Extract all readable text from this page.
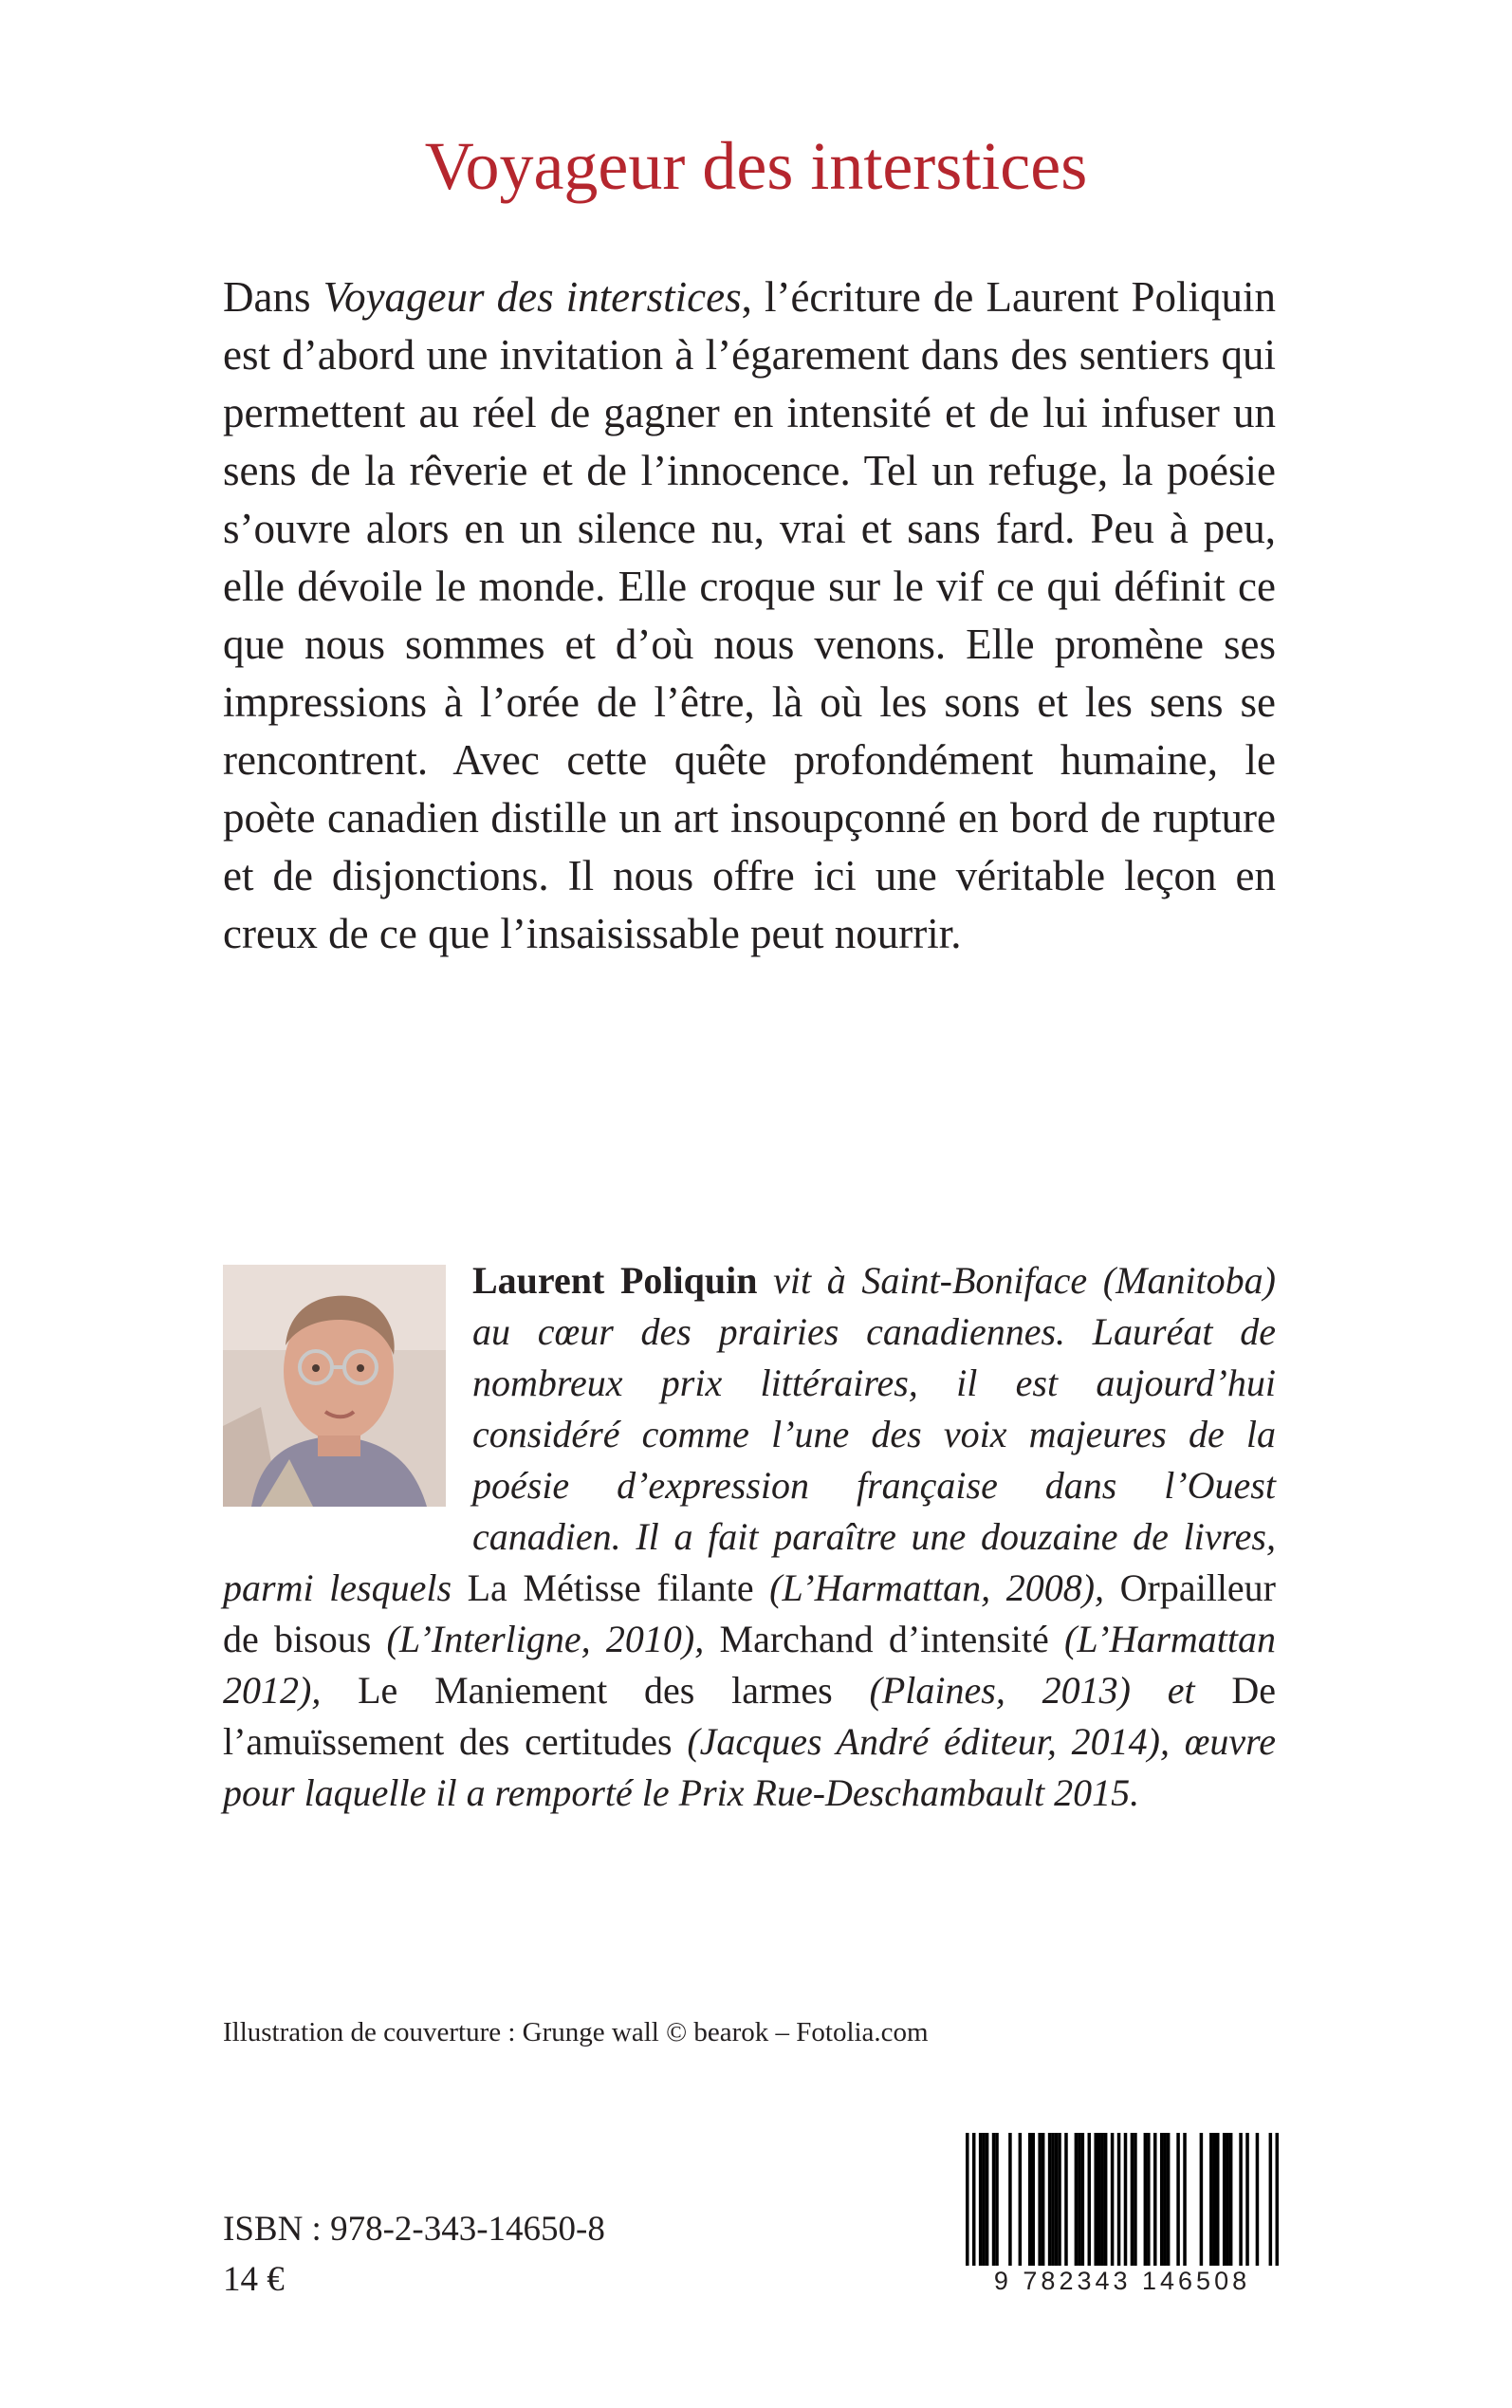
Voyageur des interstices

Dans Voyageur des interstices, l’écriture de Laurent Poliquin est d’abord une invitation à l’égarement dans des sentiers qui permettent au réel de gagner en intensité et de lui infuser un sens de la rêverie et de l’innocence. Tel un refuge, la poésie s’ouvre alors en un silence nu, vrai et sans fard. Peu à peu, elle dévoile le monde. Elle croque sur le vif ce qui définit ce que nous sommes et d’où nous venons. Elle promène ses impressions à l’orée de l’être, là où les sons et les sens se rencontrent. Avec cette quête profondément humaine, le poète canadien distille un art insoupçonné en bord de rupture et de disjonctions. Il nous offre ici une véritable leçon en creux de ce que l’insaisissable peut nourrir.

Laurent Poliquin vit à Saint-Boniface (Manitoba) au cœur des prairies canadiennes. Lauréat de nombreux prix littéraires, il est aujourd’hui considéré comme l’une des voix majeures de la poésie d’expression française dans l’Ouest canadien. Il a fait paraître une douzaine de livres, parmi lesquels La Métisse filante (L’Harmattan, 2008), Orpailleur de bisous (L’Interligne, 2010), Marchand d’intensité (L’Harmattan 2012), Le Maniement des larmes (Plaines, 2013) et De l’amuïssement des certitudes (Jacques André éditeur, 2014), œuvre pour laquelle il a remporté le Prix Rue-Deschambault 2015.

Illustration de couverture : Grunge wall © bearok – Fotolia.com

ISBN : 978-2-343-14650-8
14 €	9 782343 146508
